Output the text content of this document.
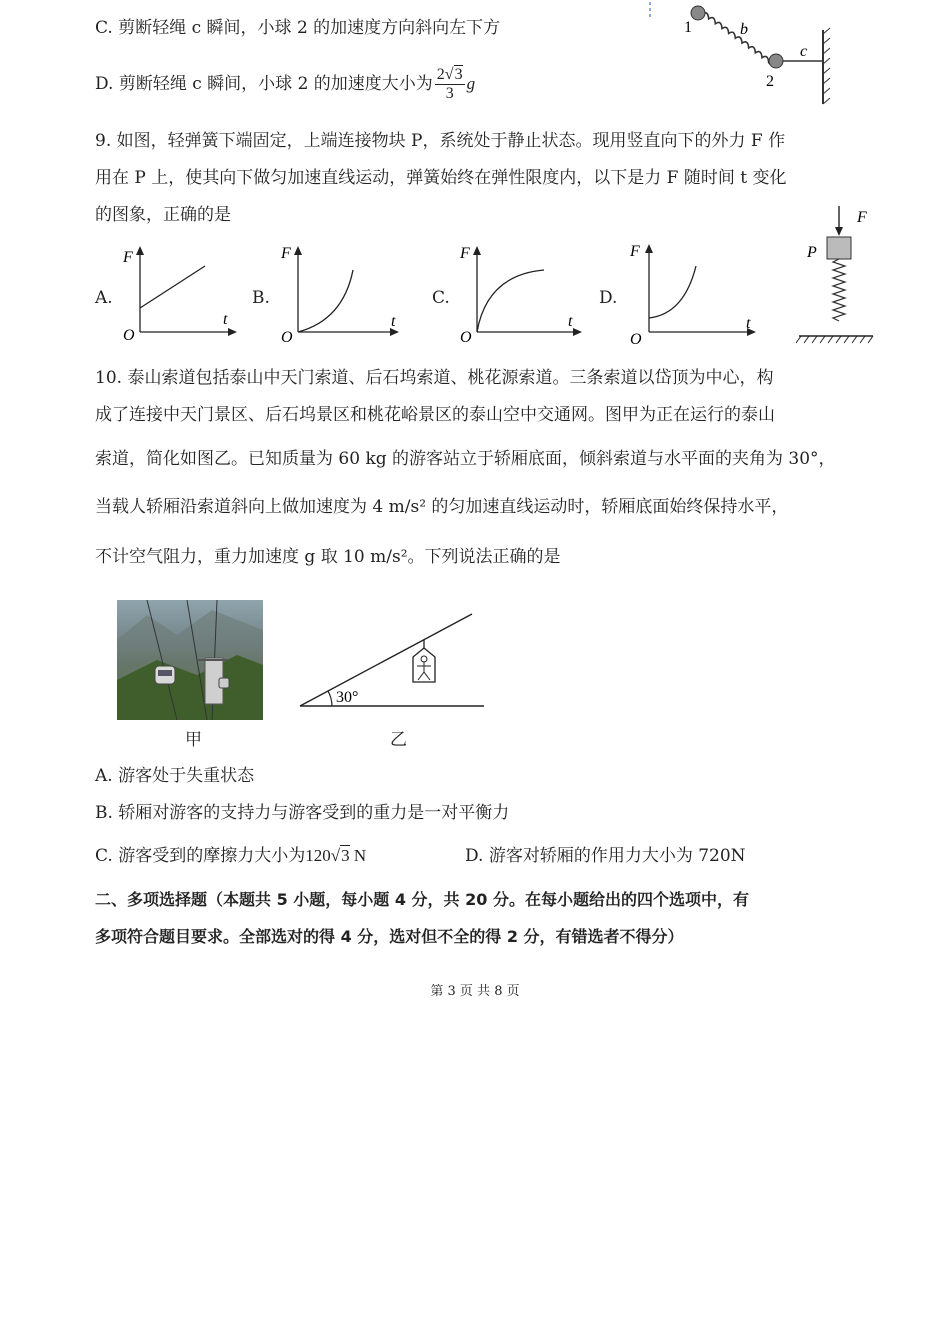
C. 剪断轻绳 c 瞬间，小球 2 的加速度方向斜向左下方
D. 剪断轻绳 c 瞬间，小球 2 的加速度大小为 $\frac{2√3}{3}$ g
1
2
b
c
9. 如图，轻弹簧下端固定，上端连接物块 P，系统处于静止状态。现用竖直向下的外力 F 作
用在 P 上，使其向下做匀加速直线运动，弹簧始终在弹性限度内，以下是力 F 随时间 t 变化
的图象，正确的是
A.
F
t
O
B.
F
t
O
C.
F
t
O
D.
F
t
O
F
P
10. 泰山索道包括泰山中天门索道、后石坞索道、桃花源索道。三条索道以岱顶为中心，构
成了连接中天门景区、后石坞景区和桃花峪景区的泰山空中交通网。图甲为正在运行的泰山
索道，简化如图乙。已知质量为 60 kg 的游客站立于轿厢底面，倾斜索道与水平面的夹角为 30°，
当载人轿厢沿索道斜向上做加速度为 4 m/s² 的匀加速直线运动时，轿厢底面始终保持水平，
不计空气阻力，重力加速度 g 取 10 m/s²。下列说法正确的是
甲
30°
乙
A. 游客处于失重状态
B. 轿厢对游客的支持力与游客受到的重力是一对平衡力
C. 游客受到的摩擦力大小为120√3 N	D. 游客对轿厢的作用力大小为 720N
二、多项选择题（本题共 5 小题，每小题 4 分，共 20 分。在每小题给出的四个选项中，有
多项符合题目要求。全部选对的得 4 分，选对但不全的得 2 分，有错选者不得分）
第 3 页 共 8 页
